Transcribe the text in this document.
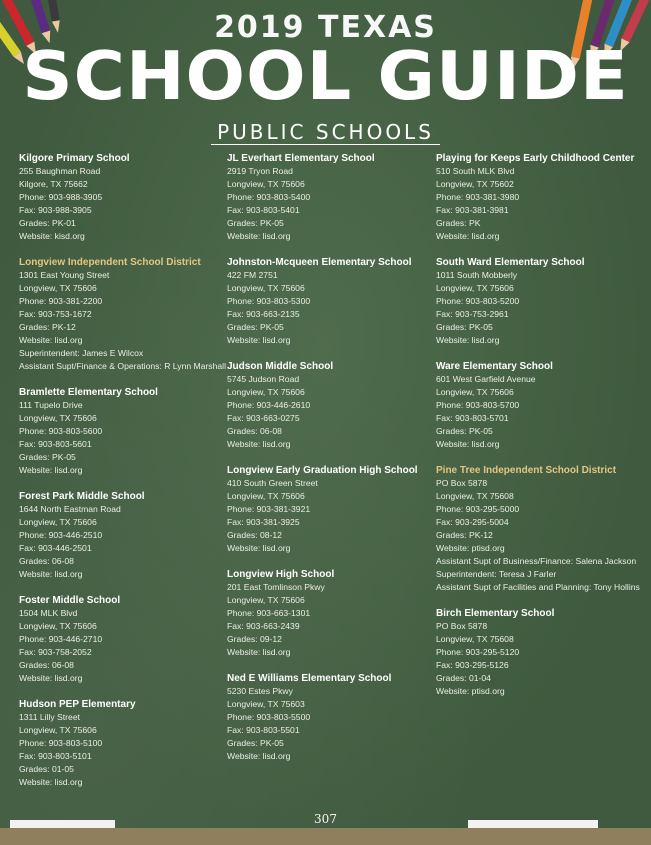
2019 TEXAS
SCHOOL GUIDE
PUBLIC SCHOOLS
Kilgore Primary School
255 Baughman Road
Kilgore, TX 75662
Phone: 903-988-3905
Fax: 903-988-3905
Grades: PK-01
Website: kisd.org
Longview Independent School District
1301 East Young Street
Longview, TX 75606
Phone: 903-381-2200
Fax: 903-753-1672
Grades: PK-12
Website: lisd.org
Superintendent: James E Wilcox
Assistant Supt/Finance & Operations: R Lynn Marshall
Bramlette Elementary School
111 Tupelo Drive
Longview, TX 75606
Phone: 903-803-5600
Fax: 903-803-5601
Grades: PK-05
Website: lisd.org
Forest Park Middle School
1644 North Eastman Road
Longview, TX 75606
Phone: 903-446-2510
Fax: 903-446-2501
Grades: 06-08
Website: lisd.org
Foster Middle School
1504 MLK Blvd
Longview, TX 75606
Phone: 903-446-2710
Fax: 903-758-2052
Grades: 06-08
Website: lisd.org
Hudson PEP Elementary
1311 Lilly Street
Longview, TX 75606
Phone: 903-803-5100
Fax: 903-803-5101
Grades: 01-05
Website: lisd.org
JL Everhart Elementary School
2919 Tryon Road
Longview, TX 75606
Phone: 903-803-5400
Fax: 903-803-5401
Grades: PK-05
Website: lisd.org
Johnston-Mcqueen Elementary School
422 FM 2751
Longview, TX 75606
Phone: 903-803-5300
Fax: 903-663-2135
Grades: PK-05
Website: lisd.org
Judson Middle School
5745 Judson Road
Longview, TX 75606
Phone: 903-446-2610
Fax: 903-663-0275
Grades: 06-08
Website: lisd.org
Longview Early Graduation High School
410 South Green Street
Longview, TX 75606
Phone: 903-381-3921
Fax: 903-381-3925
Grades: 08-12
Website: lisd.org
Longview High School
201 East Tomlinson Pkwy
Longview, TX 75606
Phone: 903-663-1301
Fax: 903-663-2439
Grades: 09-12
Website: lisd.org
Ned E Williams Elementary School
5230 Estes Pkwy
Longview, TX 75603
Phone: 903-803-5500
Fax: 903-803-5501
Grades: PK-05
Website: lisd.org
Playing for Keeps Early Childhood Center
510 South MLK Blvd
Longview, TX 75602
Phone: 903-381-3980
Fax: 903-381-3981
Grades: PK
Website: lisd.org
South Ward Elementary School
1011 South Mobberly
Longview, TX 75606
Phone: 903-803-5200
Fax: 903-753-2961
Grades: PK-05
Website: lisd.org
Ware Elementary School
601 West Garfield Avenue
Longview, TX 75606
Phone: 903-803-5700
Fax: 903-803-5701
Grades: PK-05
Website: lisd.org
Pine Tree Independent School District
PO Box 5878
Longview, TX 75608
Phone: 903-295-5000
Fax: 903-295-5004
Grades: PK-12
Website: ptisd.org
Assistant Supt of Business/Finance: Salena Jackson
Superintendent: Teresa J Farler
Assistant Supt of Facilities and Planning: Tony Hollins
Birch Elementary School
PO Box 5878
Longview, TX 75608
Phone: 903-295-5120
Fax: 903-295-5126
Grades: 01-04
Website: ptisd.org
307
